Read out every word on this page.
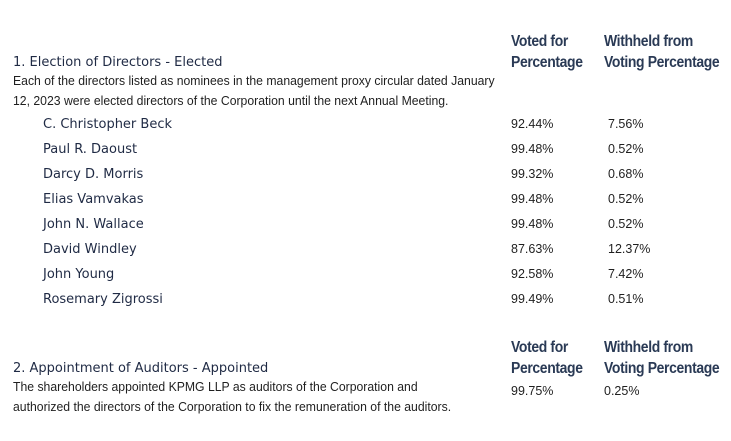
Voted for
Percentage
Withheld from
Voting Percentage
1. Election of Directors - Elected
Each of the directors listed as nominees in the management proxy circular dated January
12, 2023 were elected directors of the Corporation until the next Annual Meeting.
C. Christopher Beck	92.44%	7.56%
Paul R. Daoust	99.48%	0.52%
Darcy D. Morris	99.32%	0.68%
Elias Vamvakas	99.48%	0.52%
John N. Wallace	99.48%	0.52%
David Windley	87.63%	12.37%
John Young	92.58%	7.42%
Rosemary Zigrossi	99.49%	0.51%
Voted for
Percentage
Withheld from
Voting Percentage
2. Appointment of Auditors - Appointed
The shareholders appointed KPMG LLP as auditors of the Corporation and
authorized the directors of the Corporation to fix the remuneration of the auditors.
99.75%	0.25%
